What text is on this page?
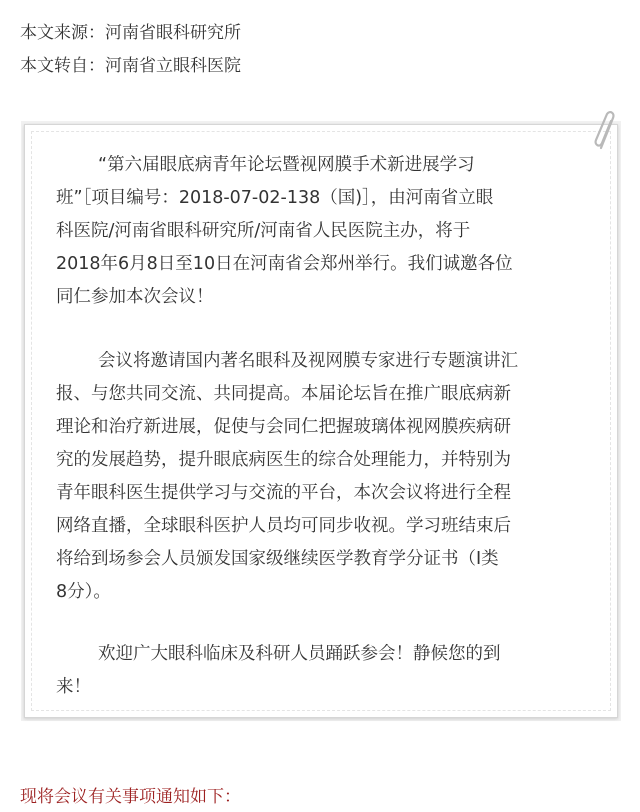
本文来源：河南省眼科研究所
本文转自：河南省立眼科医院
“第六届眼底病青年论坛暨视网膜手术新进展学习
班”［项目编号：2018-07-02-138（国)］，由河南省立眼
科医院/河南省眼科研究所/河南省人民医院主办，将于
2018年6月8日至10日在河南省会郑州举行。我们诚邀各位
同仁参加本次会议！
会议将邀请国内著名眼科及视网膜专家进行专题演讲汇
报、与您共同交流、共同提高。本届论坛旨在推广眼底病新
理论和治疗新进展，促使与会同仁把握玻璃体视网膜疾病研
究的发展趋势，提升眼底病医生的综合处理能力，并特别为
青年眼科医生提供学习与交流的平台，本次会议将进行全程
网络直播，全球眼科医护人员均可同步收视。学习班结束后
将给到场参会人员颁发国家级继续医学教育学分证书（Ⅰ类
8分）。
欢迎广大眼科临床及科研人员踊跃参会！静候您的到
来！
现将会议有关事项通知如下：
